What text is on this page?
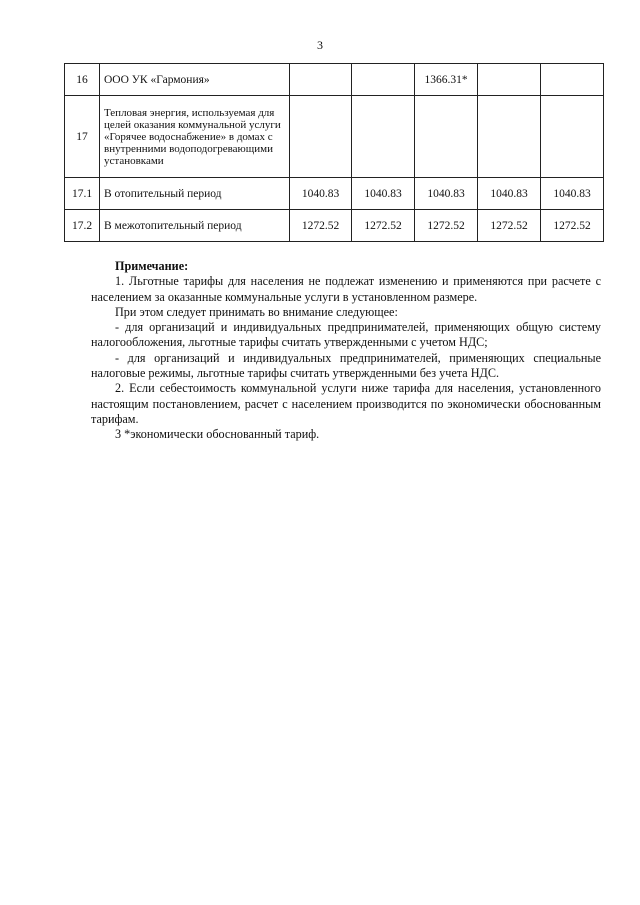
3
16	ООО УК «Гармония»			1366.31*		
17	Тепловая энергия, используемая для целей оказания коммунальной услуги «Горячее водоснабжение» в домах с внутренними водоподогревающими установками					
17.1	В отопительный период	1040.83	1040.83	1040.83	1040.83	1040.83
17.2	В межотопительный период	1272.52	1272.52	1272.52	1272.52	1272.52

Примечание:

1. Льготные тарифы для населения не подлежат изменению и применяются при расчете с населением за оказанные коммунальные услуги в установленном размере.

При этом следует принимать во внимание следующее:

- для организаций и индивидуальных предпринимателей, применяющих общую систему налогообложения, льготные тарифы считать утвержденными с учетом НДС;

- для организаций и индивидуальных предпринимателей, применяющих специальные налоговые режимы, льготные тарифы считать утвержденными без учета НДС.

2. Если себестоимость коммунальной услуги ниже тарифа для населения, установленного настоящим постановлением, расчет с населением производится по экономически обоснованным тарифам.

3 *экономически обоснованный тариф.
